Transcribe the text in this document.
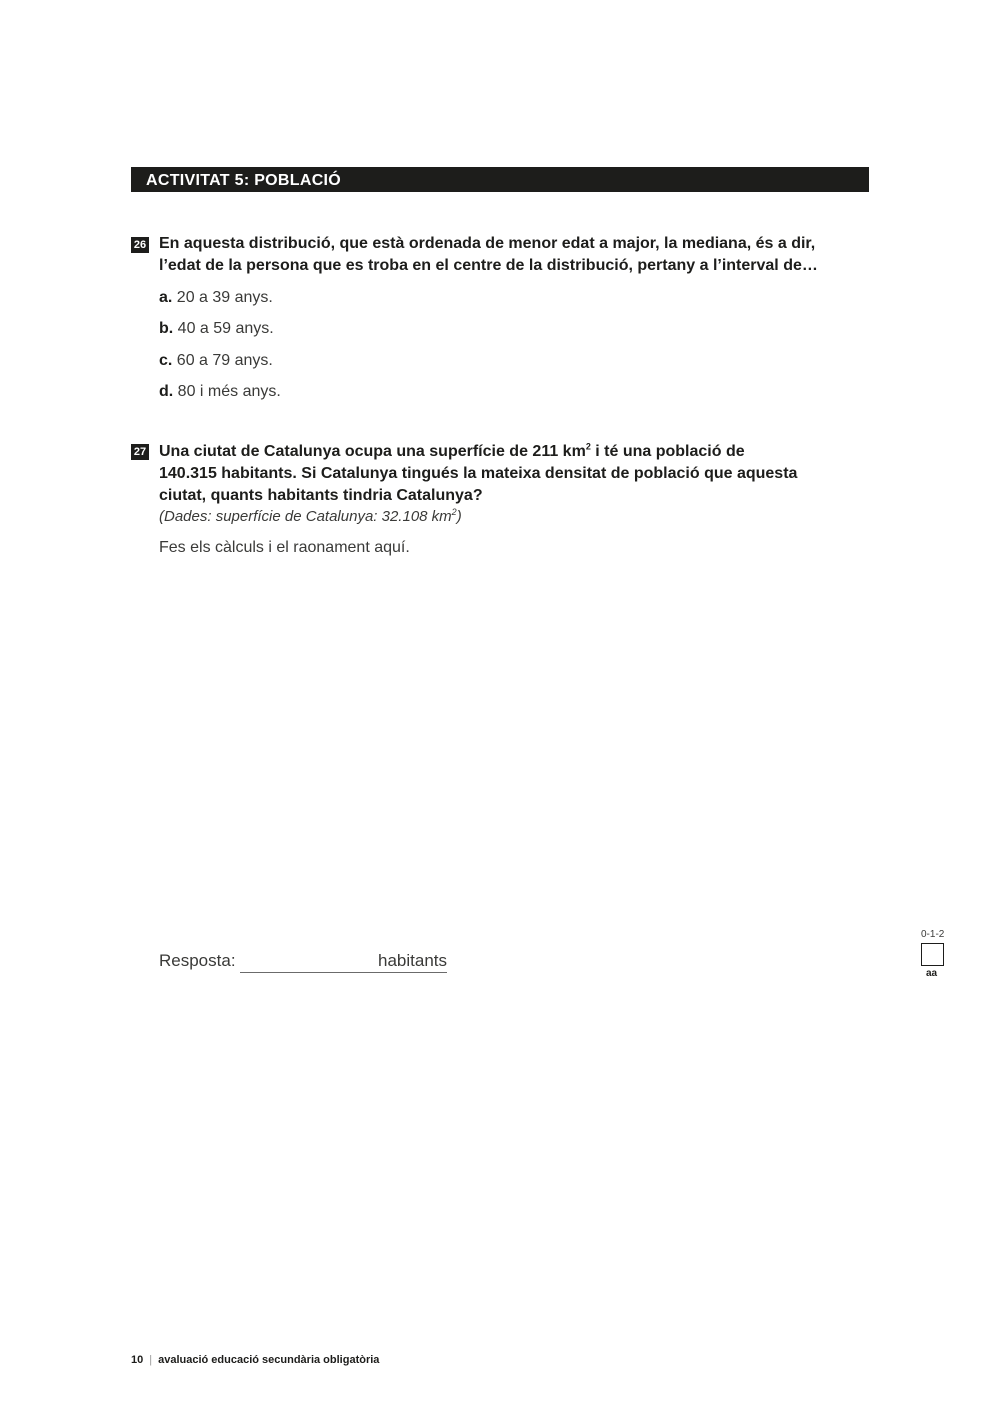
ACTIVITAT 5: POBLACIÓ
26 En aquesta distribució, que està ordenada de menor edat a major, la mediana, és a dir,

l’edat de la persona que es troba en el centre de la distribució, pertany a l’interval de…

a. 20 a 39 anys.
b. 40 a 59 anys.
c. 60 a 79 anys.
d. 80 i més anys.
27 Una ciutat de Catalunya ocupa una superfície de 211 $km^2$ i té una població de

140.315 habitants. Si Catalunya tingués la mateixa densitat de població que aquesta

ciutat, quants habitants tindria Catalunya?

(Dades: superfície de Catalunya: 32.108 $km^2$)
Fes els càlculs i el raonament aquí.
Resposta:	habitants
0-1-2
aa
10 | avaluació educació secundària obligatòria
